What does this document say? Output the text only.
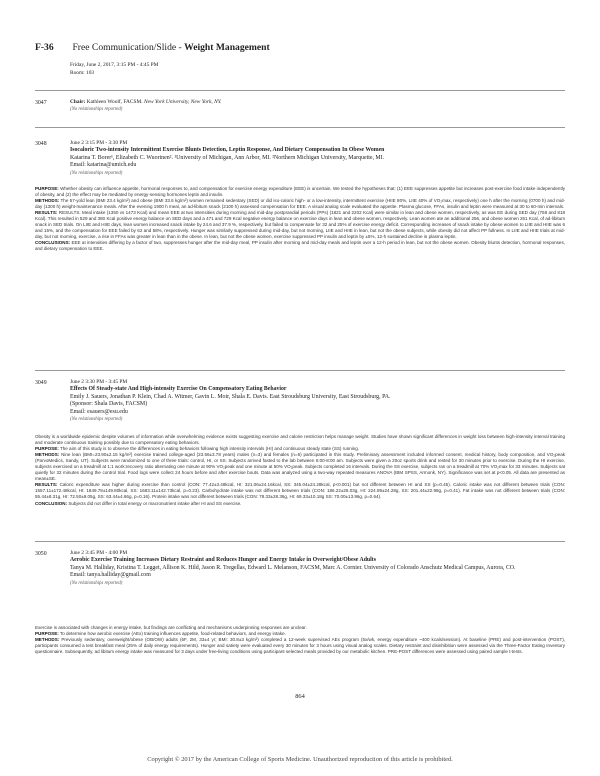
F-36 Free Communication/Slide - Weight Management
Friday, June 2, 2017, 3:15 PM - 4:45 PM
Room: 103
3047	Chair: Kathleen Woolf, FACSM. New York University, New York, NY.
(No relationships reported)
3048	June 2 3:15 PM - 3:30 PM
Isocaloric Two-intensity Intermittent Exercise Blunts Detection, Leptin Response, And Dietary Compensation In Obese Women
Katarina T. Borer¹, Elizabeth C. Wuorinen². ¹University of Michigan, Ann Arbor, MI. ²Northern Michigan University, Marquette, MI.
Email: katarina@umich.edu
(No relationships reported)

PURPOSE: Whether obesity can influence appetite, hormonal responses to, and compensation for exercise energy expenditure (EEE) is uncertain. We tested the hypotheses that: (1) EEE suppresses appetite but increases post-exercise food intake independently of obesity, and (2) the effect may be mediated by energy-sensing hormones leptin and insulin.

METHODS: The 57-yold lean (BMI 23.4 kg/m²) and obese (BMI 33.6 kg/m²) women remained sedentary (SED) or did iso-caloric high- or a low-intensity, intermittent exercise (HIIE 80%, LIIE 40% of VO₂max, respectively) one h after the morning (0700 h) and mid-day (1300 h) weight-maintenance meals. After the evening 1900 h meal, an ad-libitum snack (2100 h) assessed compensation for EEE. A visual analog scale evaluated the appetite. Plasma glucose, FFAs, insulin and leptin were measured at 30 to 60-min intervals.

RESULTS: RESULTS. Meal intake (1350 vs 1473 Kcal) and mean EEE at two intensities during morning and mid-day postprandial periods (PPs) (1821 and 2202 Kcal) were similar in lean and obese women, respectively, as was EE during SED day (758 and 818 Kcal). This resulted in 529 and 380 Kcal positive energy balance on SED days and a 471 and 729 Kcal negative energy balance on exercise days in lean and obese women, respectively. Lean women ate an additional 256, and obese women 261 Kcal, of ad-libitum snack in SED trials. On LIIE and HIIE days, lean women increased snack intake by 24.6 and 37.9 %, respectively, but failed to compensate for 32 and 25% of exercise energy deficit. Corresponding increases of snack intake by obese women to LIIE and HIIE was 6 and 15%, and the compensation for EEE failed by 62 and 58%, respectively. Hunger was similarly suppressed during mid-day, but not morning, LIIE and HIIE in lean, but not the obese subjects, while obesity did not affect PP fullness. In LIIE and HIIE trials at mid-day, but not morning, exercise, a rise in FFAs was greater in lean than in the obese. In lean, but not the obese women, exercise suppressed PP insulin and leptin by ±5%, 12-h sustained decline in plasma leptin.

CONCLUSIONS: EEE at intensities differing by a factor of two, suppresses hunger after the mid-day meal, PP insulin after morning and mid-day meals and leptin over a 12-h period in lean, but not the obese women. Obesity blunts detection, hormonal responses, and dietary compensation to EEE.

3049	June 2 3:30 PM - 3:45 PM
Effects Of Steady-state And High-intensity Exercise On Compensatory Eating Behavior
Emily J. Sauers, Jonathan P. Klein, Chad A. Witmer, Gavin L. Moir, Shala E. Davis. East Stroudsburg University, East Stroudsburg, PA.
(Sponsor: Shala Davis, FACSM)
Email: esauers@esu.edu
(No relationships reported)

Obesity is a worldwide epidemic despite volumes of information while overwhelming evidence exists suggesting exercise and calorie restriction helps manage weight. Studies have shown significant differences in weight loss between high-intensity interval training and moderate continuous training possibly due to compensatory eating behaviors.

PURPOSE: The aim of this study is to observe the differences in eating behaviors following high intensity intervals (HI) and continuous steady state (SS) running.

METHODS: Nine lean (BMI=23.90±2.15 kg/m²) exercise trained college-aged (23.56±3.78 years) males (n=3) and females (n=6) participated in this study. Preliminary assessment included informed consent, medical history, body composition, and VO₂peak (ParvoMedics, Sandy, UT). Subjects were randomized to one of three trials: control, HI, or SS. Subjects arrived fasted to the lab between 6:00-8:00 am. Subjects were given a 20oz sports drink and rested for 30 minutes prior to exercise. During the HI exercise, subjects exercised on a treadmill at 1:1 work:recovery ratio alternating one minute at 90% VO₂peak and one minute at 50% VO₂peak. Subjects completed 16 intervals. During the SS exercise, subjects ran on a treadmill at 70% VO₂max for 33 minutes. Subjects sat quietly for 32 minutes during the control trial. Food logs were collect 24 hours before and after exercise bouts. Data was analyzed using a two-way repeated measures ANOVA (IBM SPSS, Armonk, NY). Significance was set at p<0.05. All data are presented as mean±SE.

RESULTS: Caloric expenditure was higher during exercise than control (CON: 77.42±3.48kcal, HI: 321.06±24.16kcal, SS: 345.04±24.28kcal, p<0.001) but not different between HI and SS (p=0.45). Caloric intake was not different between trials (CON: 1557.11±172.48kcal, HI: 1849.78±149.80kcal, SS: 1683.11±142.73kcal, p=0.23). Carbohydrate intake was not different between trials (CON: 186.22±25.03g, HI: 224.89±24.28g, SS: 201.44±22.98g, p=0.41). Fat intake was not different between trials (CON: 55.44±8.31g, HI: 72.50±9.05g, SS: 63.44±4.66g, p=0.16). Protein intake was not different between trials (CON: 78.33±28.36g, HI: 69.33±10.18g SS: 70.00±13.96g, p=0.64).

CONCLUSION: Subjects did not differ in total energy or macronutrient intake after HI and SS exercise.

3050	June 2 3:45 PM - 4:00 PM
Aerobic Exercise Training Increases Dietary Restraint and Reduces Hunger and Energy Intake in Overweight/Obese Adults
Tanya M. Halliday, Kristina T. Legget, Allison K. Hild, Jason R. Tregellas, Edward L. Melanson, FACSM, Marc A. Cornier. University of Colorado Anschutz Medical Campus, Aurora, CO.
Email: tanya.halliday@gmail.com
(No relationships reported)

Exercise is associated with changes in energy intake, but findings are conflicting and mechanisms underpinning responses are unclear.

PURPOSE: To determine how aerobic exercise (AEx) training influences appetite, food-related behaviors, and energy intake.

METHODS: Previously sedentary, overweight/obese (OB/OW) adults (6F, 2M, 33±4 yr; BMI: 30.8±3 kg/m²) completed a 12-week supervised AEx program (5x/wk, energy expenditure ~400 kcals/session). At baseline (PRE) and post-intervention (POST), participants consumed a test breakfast meal (25% of daily energy requirements). Hunger and satiety were evaluated every 30 minutes for 3 hours using visual analog scales. Dietary restraint and disinhibition were assessed via the Three-Factor Eating Inventory questionnaire. Subsequently, ad libitum energy intake was measured for 3 days under free-living conditions using participant selected meals provided by our metabolic kitchen. PRE-POST differences were assessed using paired sample t-tests.

864
Copyright © 2017 by the American College of Sports Medicine. Unauthorized reproduction of this article is prohibited.
